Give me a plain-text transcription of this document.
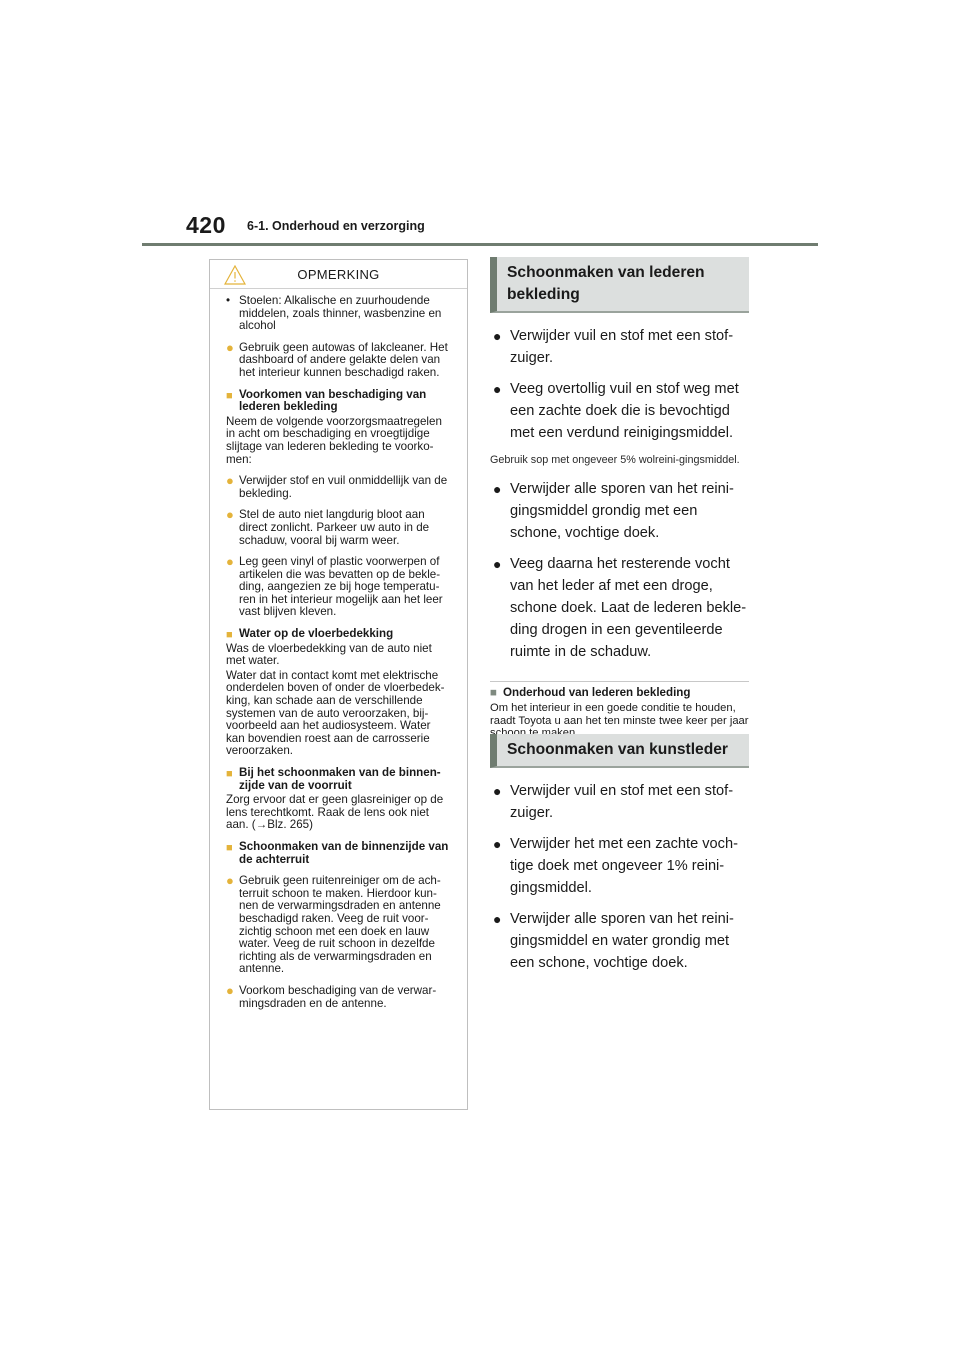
420 6-1. Onderhoud en verzorging
OPMERKING
• Stoelen: Alkalische en zuurhoudende middelen, zoals thinner, wasbenzine en alcohol
● Gebruik geen autowas of lakcleaner. Het dashboard of andere gelakte delen van het interieur kunnen beschadigd raken.
■ Voorkomen van beschadiging van lederen bekleding
Neem de volgende voorzorgsmaatregelen in acht om beschadiging en vroegtijdige slijtage van lederen bekleding te voorko-men:
● Verwijder stof en vuil onmiddellijk van de bekleding.
● Stel de auto niet langdurig bloot aan direct zonlicht. Parkeer uw auto in de schaduw, vooral bij warm weer.
● Leg geen vinyl of plastic voorwerpen of artikelen die was bevatten op de bekle-ding, aangezien ze bij hoge temperatu-ren in het interieur mogelijk aan het leer vast blijven kleven.
■ Water op de vloerbedekking
Was de vloerbedekking van de auto niet met water.
Water dat in contact komt met elektrische onderdelen boven of onder de vloerbedek-king, kan schade aan de verschillende systemen van de auto veroorzaken, bij-voorbeeld aan het audiosysteem. Water kan bovendien roest aan de carrosserie veroorzaken.
■ Bij het schoonmaken van de binnen-zijde van de voorruit
Zorg ervoor dat er geen glasreiniger op de lens terechtkomt. Raak de lens ook niet aan. (→Blz. 265)
■ Schoonmaken van de binnenzijde van de achterruit
● Gebruik geen ruitenreiniger om de ach-terruit schoon te maken. Hierdoor kun-nen de verwarmingsdraden en antenne beschadigd raken. Veeg de ruit voor-zichtig schoon met een doek en lauw water. Veeg de ruit schoon in dezelfde richting als de verwarmingsdraden en antenne.
● Voorkom beschadiging van de verwar-mingsdraden en de antenne.
Schoonmaken van lederen bekleding
● Verwijder vuil en stof met een stof-zuiger.
● Veeg overtollig vuil en stof weg met een zachte doek die is bevochtigd met een verdund reinigingsmiddel.
Gebruik sop met ongeveer 5% wolreini-gingsmiddel.
● Verwijder alle sporen van het reini-gingsmiddel grondig met een schone, vochtige doek.
● Veeg daarna het resterende vocht van het leder af met een droge, schone doek. Laat de lederen bekle-ding drogen in een geventileerde ruimte in de schaduw.
■ Onderhoud van lederen bekleding
Om het interieur in een goede conditie te houden, raadt Toyota u aan het ten minste twee keer per jaar
Schoonmaken van kunstleder
● Verwijder vuil en stof met een stof-zuiger.
● Verwijder het met een zachte voch-tige doek met ongeveer 1% reini-gingsmiddel.
● Verwijder alle sporen van het reini-gingsmiddel en water grondig met een schone, vochtige doek.
